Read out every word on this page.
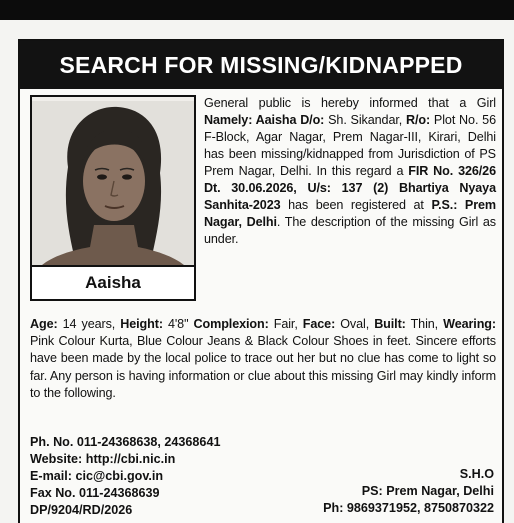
SEARCH FOR MISSING/KIDNAPPED
Aaisha
General public is hereby informed that a Girl Namely: Aaisha D/o: Sh. Sikandar, R/o: Plot No. 56 F-Block, Agar Nagar, Prem Nagar-III, Kirari, Delhi has been missing/kidnapped from Jurisdiction of PS Prem Nagar, Delhi. In this regard a FIR No. 326/26 Dt. 30.06.2026, U/s: 137 (2) Bhartiya Nyaya Sanhita-2023 has been registered at P.S.: Prem Nagar, Delhi. The description of the missing Girl as under.
Age: 14 years, Height: 4'8" Complexion: Fair, Face: Oval, Built: Thin, Wearing: Pink Colour Kurta, Blue Colour Jeans & Black Colour Shoes in feet. Sincere efforts have been made by the local police to trace out her but no clue has come to light so far. Any person is having information or clue about this missing Girl may kindly inform to the following.
Ph. No. 011-24368638, 24368641
Website: http://cbi.nic.in
E-mail: cic@cbi.gov.in
Fax No. 011-24368639
DP/9204/RD/2026
S.H.O
PS: Prem Nagar, Delhi
Ph: 9869371952, 8750870322
